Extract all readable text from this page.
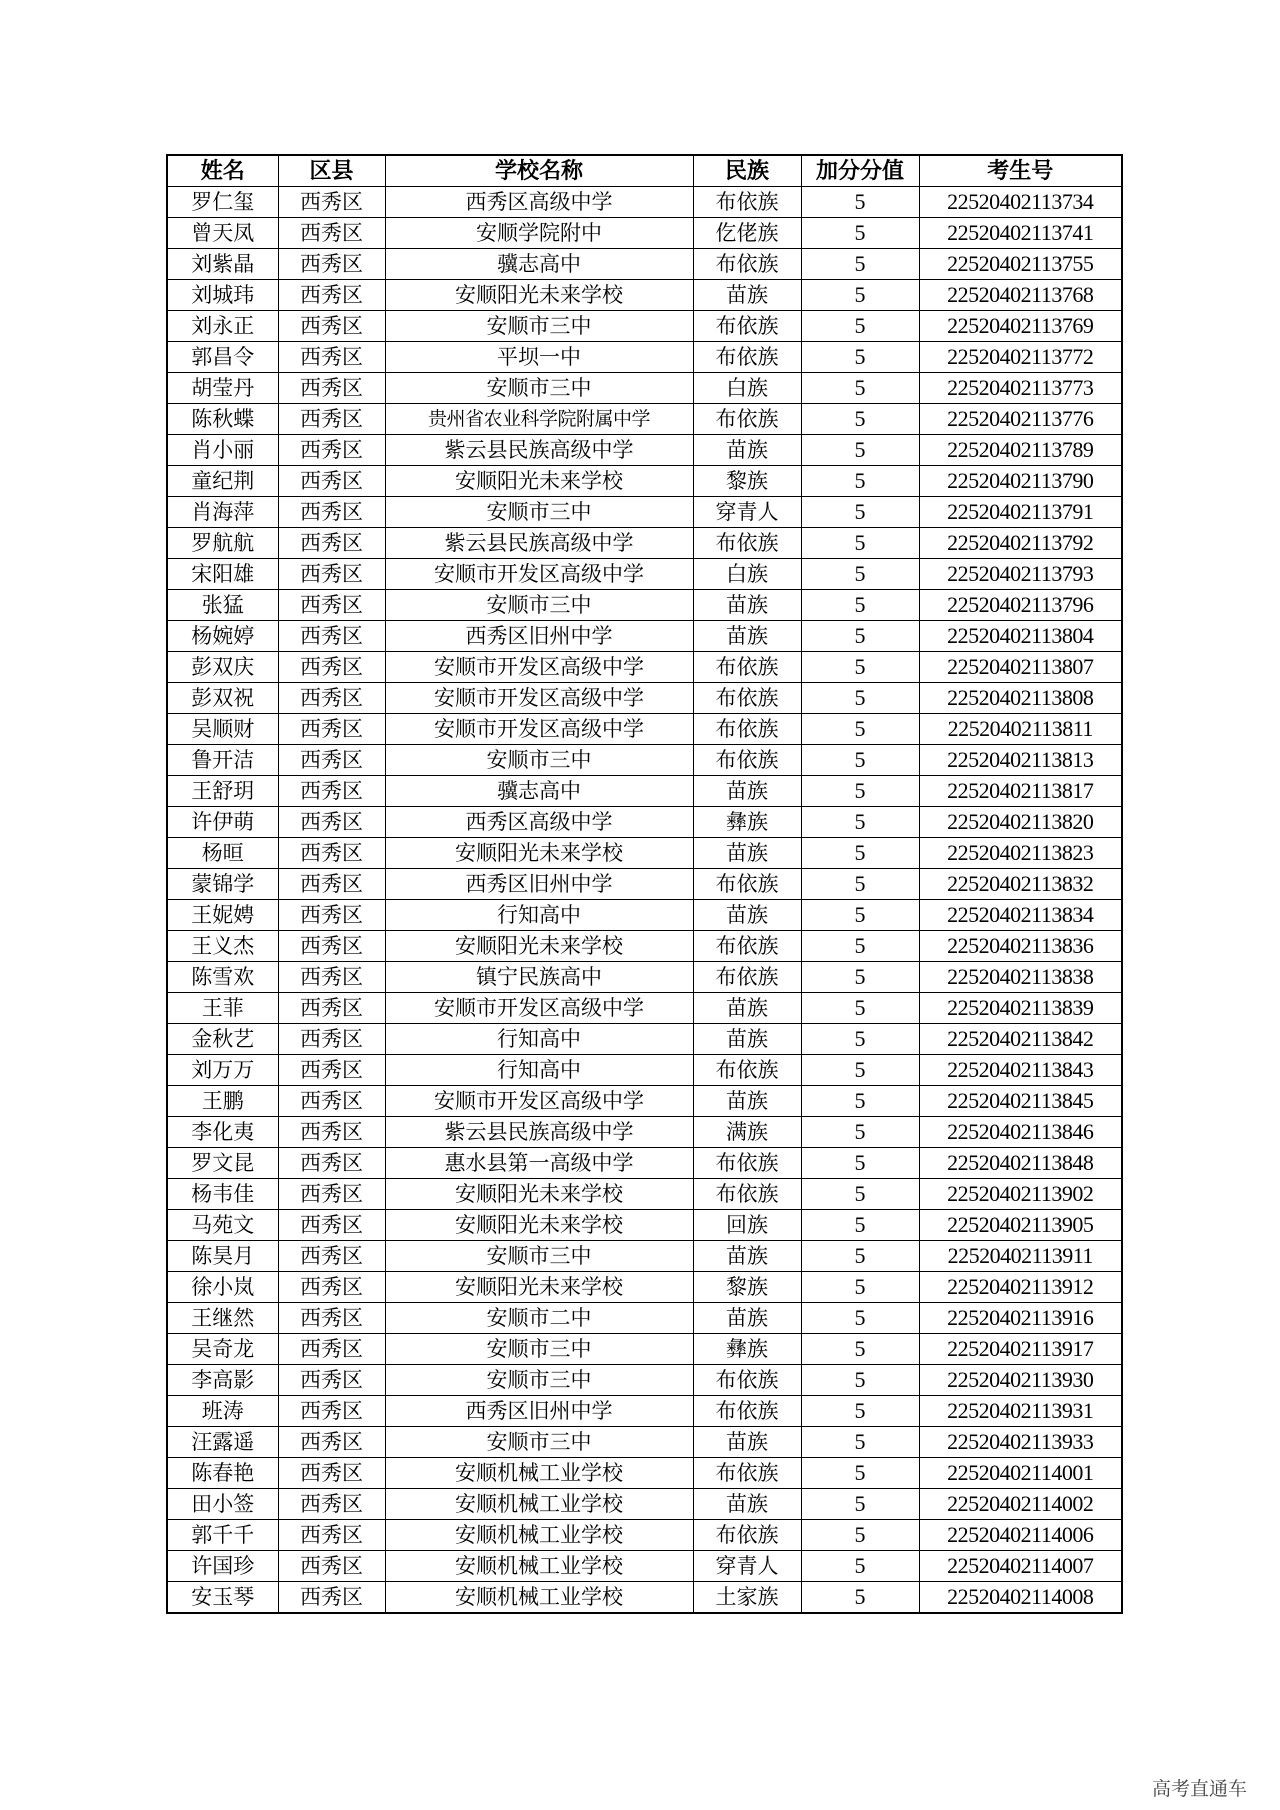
姓名	区县	学校名称	民族	加分分值	考生号
罗仁玺	西秀区	西秀区高级中学	布依族	5	22520402113734
曾天凤	西秀区	安顺学院附中	仡佬族	5	22520402113741
刘紫晶	西秀区	骥志高中	布依族	5	22520402113755
刘城玮	西秀区	安顺阳光未来学校	苗族	5	22520402113768
刘永正	西秀区	安顺市三中	布依族	5	22520402113769
郭昌令	西秀区	平坝一中	布依族	5	22520402113772
胡莹丹	西秀区	安顺市三中	白族	5	22520402113773
陈秋蝶	西秀区	贵州省农业科学院附属中学	布依族	5	22520402113776
肖小丽	西秀区	紫云县民族高级中学	苗族	5	22520402113789
童纪荆	西秀区	安顺阳光未来学校	黎族	5	22520402113790
肖海萍	西秀区	安顺市三中	穿青人	5	22520402113791
罗航航	西秀区	紫云县民族高级中学	布依族	5	22520402113792
宋阳雄	西秀区	安顺市开发区高级中学	白族	5	22520402113793
张猛	西秀区	安顺市三中	苗族	5	22520402113796
杨婉婷	西秀区	西秀区旧州中学	苗族	5	22520402113804
彭双庆	西秀区	安顺市开发区高级中学	布依族	5	22520402113807
彭双祝	西秀区	安顺市开发区高级中学	布依族	5	22520402113808
吴顺财	西秀区	安顺市开发区高级中学	布依族	5	22520402113811
鲁开洁	西秀区	安顺市三中	布依族	5	22520402113813
王舒玥	西秀区	骥志高中	苗族	5	22520402113817
许伊萌	西秀区	西秀区高级中学	彝族	5	22520402113820
杨晅	西秀区	安顺阳光未来学校	苗族	5	22520402113823
蒙锦学	西秀区	西秀区旧州中学	布依族	5	22520402113832
王妮娉	西秀区	行知高中	苗族	5	22520402113834
王义杰	西秀区	安顺阳光未来学校	布依族	5	22520402113836
陈雪欢	西秀区	镇宁民族高中	布依族	5	22520402113838
王菲	西秀区	安顺市开发区高级中学	苗族	5	22520402113839
金秋艺	西秀区	行知高中	苗族	5	22520402113842
刘万万	西秀区	行知高中	布依族	5	22520402113843
王鹏	西秀区	安顺市开发区高级中学	苗族	5	22520402113845
李化夷	西秀区	紫云县民族高级中学	满族	5	22520402113846
罗文昆	西秀区	惠水县第一高级中学	布依族	5	22520402113848
杨韦佳	西秀区	安顺阳光未来学校	布依族	5	22520402113902
马苑文	西秀区	安顺阳光未来学校	回族	5	22520402113905
陈昊月	西秀区	安顺市三中	苗族	5	22520402113911
徐小岚	西秀区	安顺阳光未来学校	黎族	5	22520402113912
王继然	西秀区	安顺市二中	苗族	5	22520402113916
吴奇龙	西秀区	安顺市三中	彝族	5	22520402113917
李高影	西秀区	安顺市三中	布依族	5	22520402113930
班涛	西秀区	西秀区旧州中学	布依族	5	22520402113931
汪露遥	西秀区	安顺市三中	苗族	5	22520402113933
陈春艳	西秀区	安顺机械工业学校	布依族	5	22520402114001
田小签	西秀区	安顺机械工业学校	苗族	5	22520402114002
郭千千	西秀区	安顺机械工业学校	布依族	5	22520402114006
许国珍	西秀区	安顺机械工业学校	穿青人	5	22520402114007
安玉琴	西秀区	安顺机械工业学校	土家族	5	22520402114008
高考直通车
